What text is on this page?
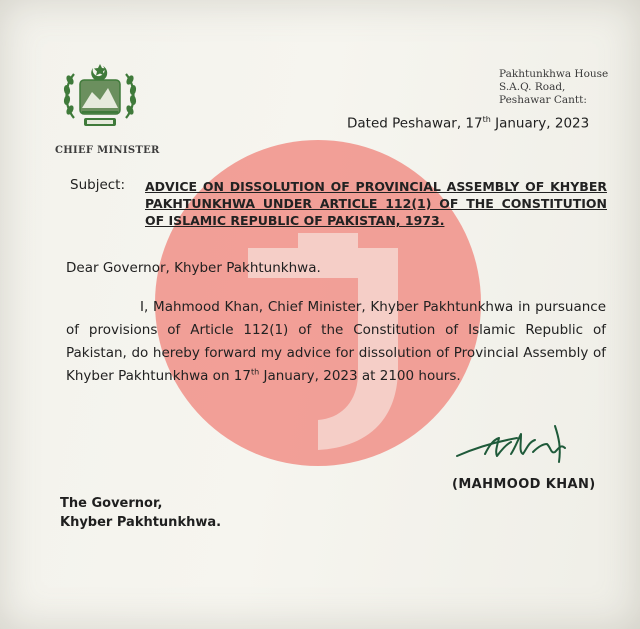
CHIEF MINISTER
Pakhtunkhwa House
S.A.Q. Road,
Peshawar Cantt:
Dated Peshawar, 17th January, 2023
Subject: ADVICE ON DISSOLUTION OF PROVINCIAL ASSEMBLY OF KHYBER PAKHTUNKHWA UNDER ARTICLE 112(1) OF THE CONSTITUTION OF ISLAMIC REPUBLIC OF PAKISTAN, 1973.
Dear Governor, Khyber Pakhtunkhwa.
I, Mahmood Khan, Chief Minister, Khyber Pakhtunkhwa in pursuance of provisions of Article 112(1) of the Constitution of Islamic Republic of Pakistan, do hereby forward my advice for dissolution of Provincial Assembly of Khyber Pakhtunkhwa on 17th January, 2023 at 2100 hours.
(MAHMOOD KHAN)
The Governor,
Khyber Pakhtunkhwa.
